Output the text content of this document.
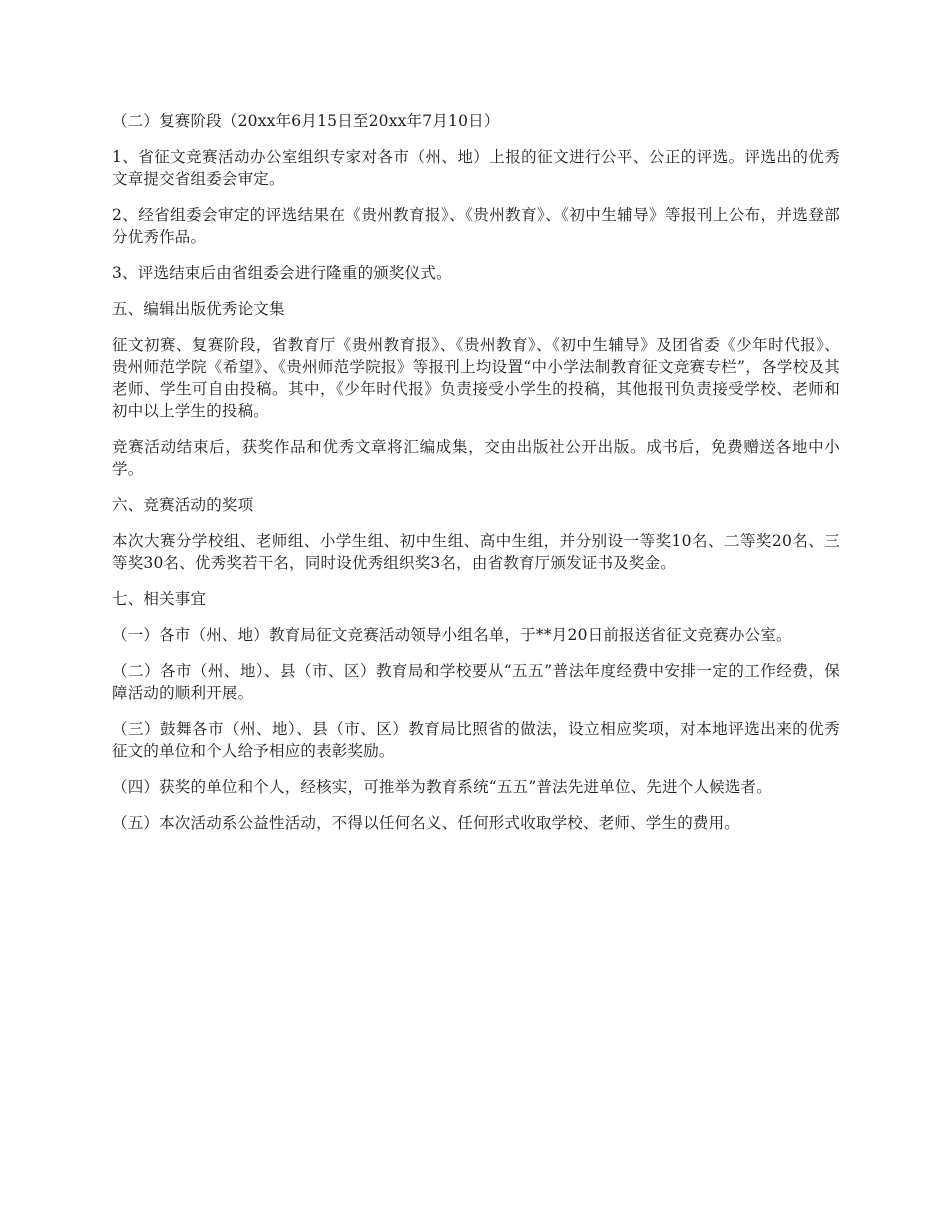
（二）复赛阶段（20xx年6月15日至20xx年7月10日）

1、省征文竞赛活动办公室组织专家对各市（州、地）上报的征文进行公平、公正的评选。评选出的优秀文章提交省组委会审定。

2、经省组委会审定的评选结果在《贵州教育报》、《贵州教育》、《初中生辅导》等报刊上公布，并选登部分优秀作品。

3、评选结束后由省组委会进行隆重的颁奖仪式。

五、编辑出版优秀论文集

征文初赛、复赛阶段，省教育厅《贵州教育报》、《贵州教育》、《初中生辅导》及团省委《少年时代报》、贵州师范学院《希望》、《贵州师范学院报》等报刊上均设置“中小学法制教育征文竞赛专栏”，各学校及其老师、学生可自由投稿。其中，《少年时代报》负责接受小学生的投稿，其他报刊负责接受学校、老师和初中以上学生的投稿。

竞赛活动结束后，获奖作品和优秀文章将汇编成集，交由出版社公开出版。成书后，免费赠送各地中小学。

六、竞赛活动的奖项

本次大赛分学校组、老师组、小学生组、初中生组、高中生组，并分别设一等奖10名、二等奖20名、三等奖30名、优秀奖若干名，同时设优秀组织奖3名，由省教育厅颁发证书及奖金。

七、相关事宜

（一）各市（州、地）教育局征文竞赛活动领导小组名单，于**月20日前报送省征文竞赛办公室。

（二）各市（州、地）、县（市、区）教育局和学校要从“五五”普法年度经费中安排一定的工作经费，保障活动的顺利开展。

（三）鼓舞各市（州、地）、县（市、区）教育局比照省的做法，设立相应奖项，对本地评选出来的优秀征文的单位和个人给予相应的表彰奖励。

（四）获奖的单位和个人，经核实，可推举为教育系统“五五”普法先进单位、先进个人候选者。

（五）本次活动系公益性活动，不得以任何名义、任何形式收取学校、老师、学生的费用。
